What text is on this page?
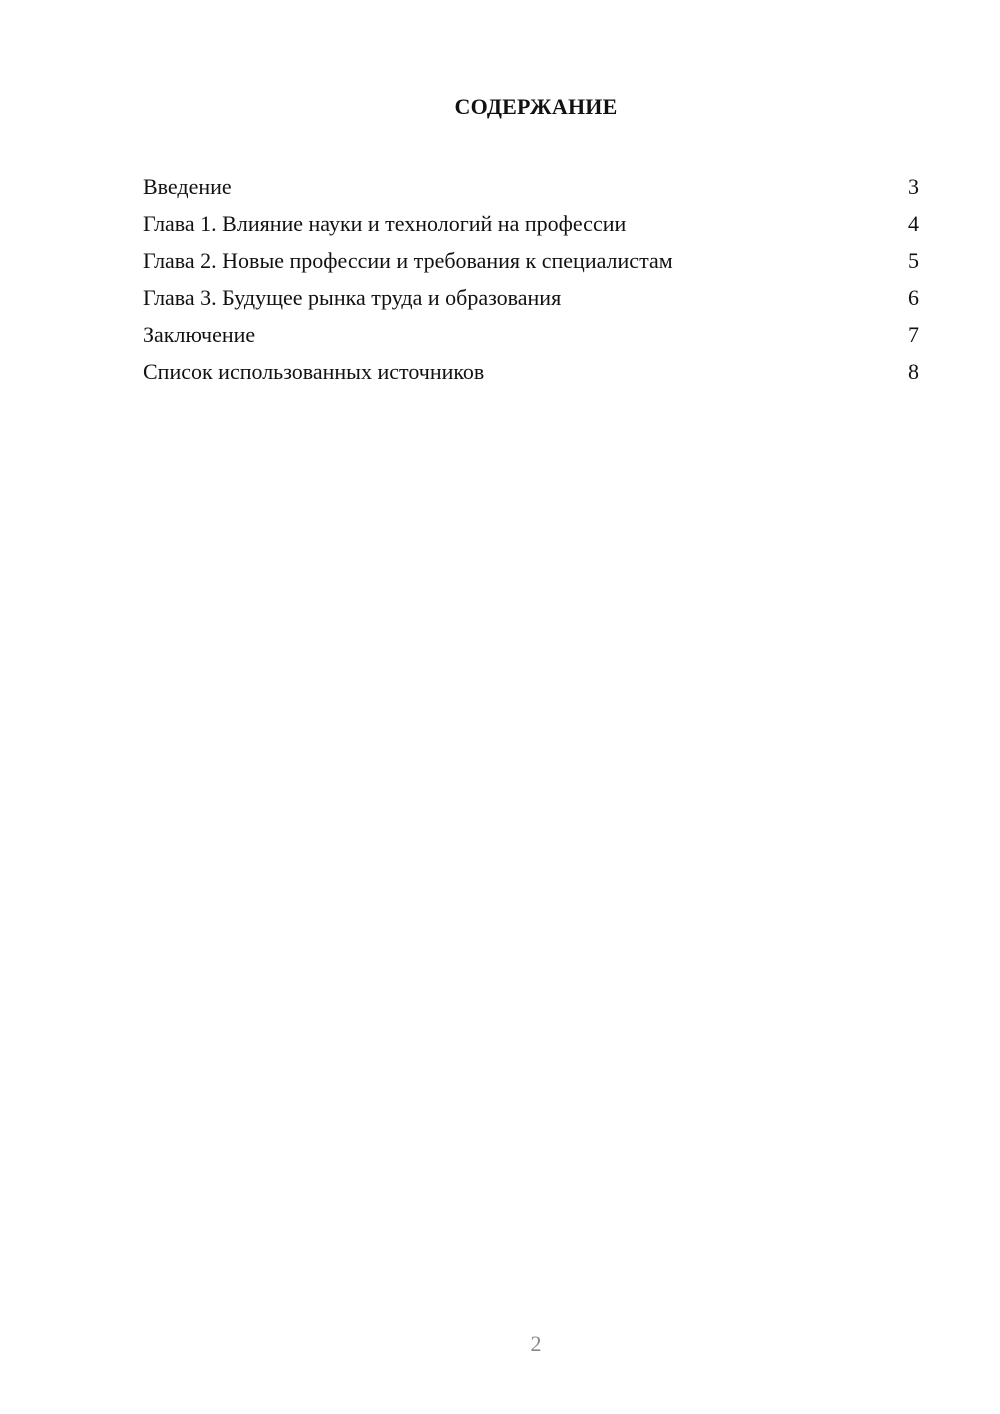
СОДЕРЖАНИЕ
Введение	3
Глава 1. Влияние науки и технологий на профессии	4
Глава 2. Новые профессии и требования к специалистам	5
Глава 3. Будущее рынка труда и образования	6
Заключение	7
Список использованных источников	8
2
